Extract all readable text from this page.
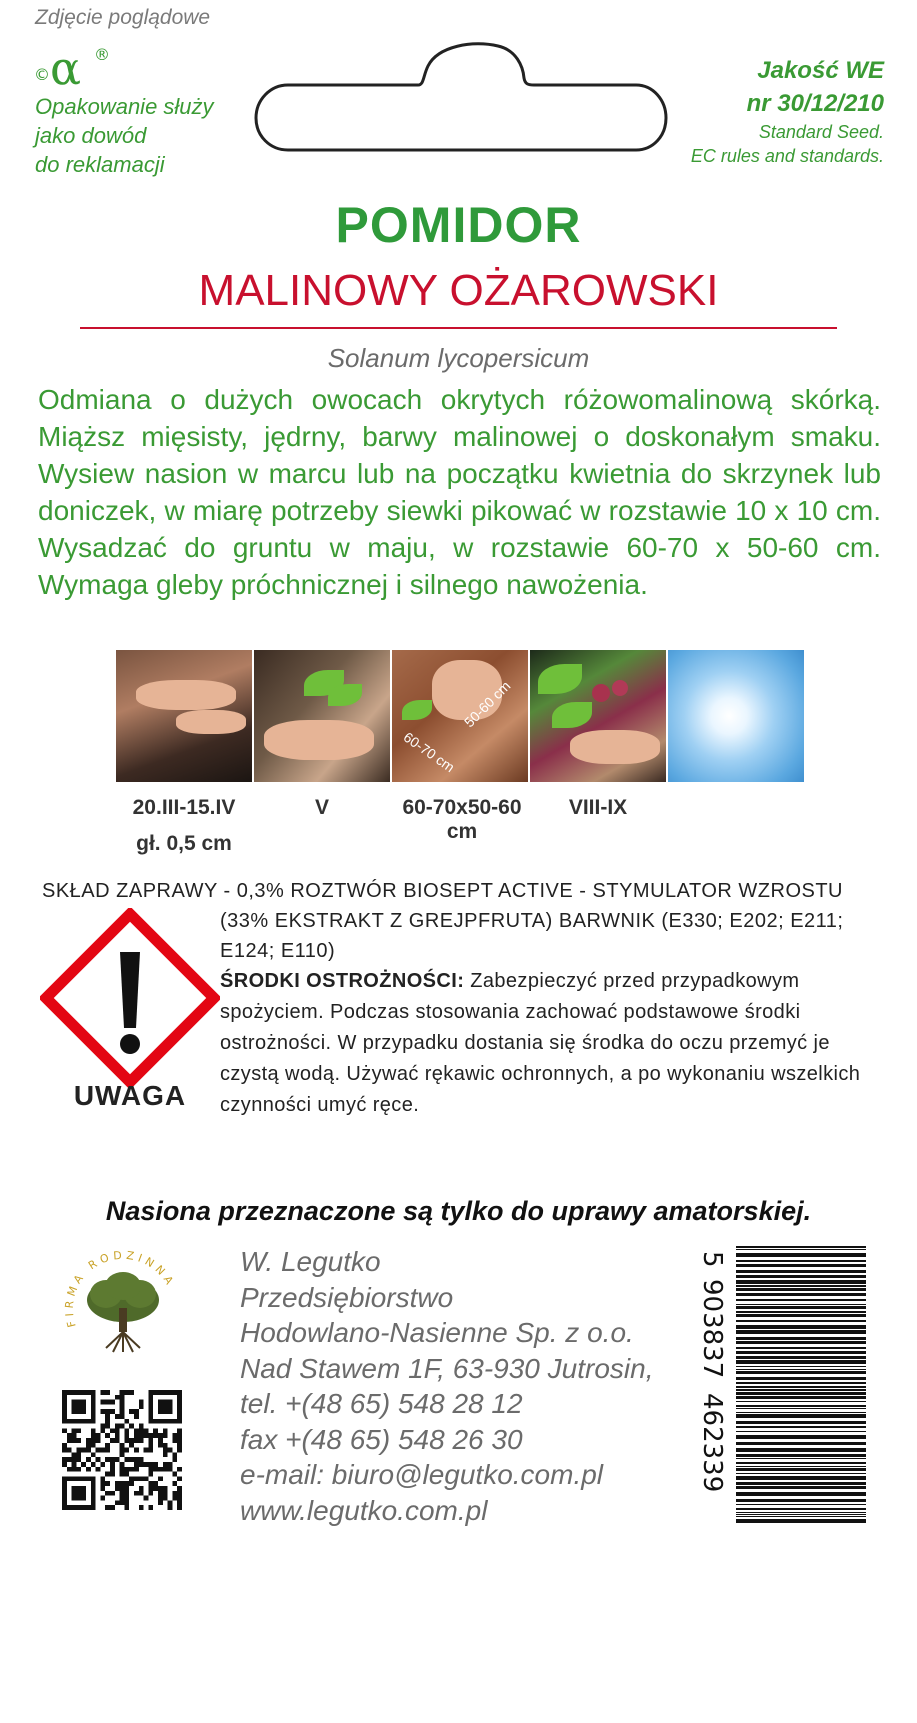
Zdjęcie poglądowe
© α ®
Opakowanie służy
jako dowód
do reklamacji
Jakość WE
nr 30/12/210
Standard Seed.
EC rules and standards.
POMIDOR
MALINOWY OŻAROWSKI
Solanum lycopersicum
Odmiana o dużych owocach okrytych różowomalinową skórką. Miąższ mięsisty, jędrny, barwy malinowej o doskonałym smaku. Wysiew nasion w marcu lub na początku kwietnia do skrzynek lub doniczek, w miarę potrzeby siewki pikować w rozstawie 10 x 10 cm. Wysadzać do gruntu w maju, w rozstawie 60-70 x 50-60 cm. Wymaga gleby próchnicznej i silnego nawożenia.
50-60 cm
60-70 cm
20.III-15.IV
gł. 0,5 cm
V	60-70x50-60 cm
VIII-IX
SKŁAD ZAPRAWY - 0,3% ROZTWÓR BIOSEPT ACTIVE - STYMULATOR WZROSTU
(33% EKSTRAKT Z GREJPFRUTA) BARWNIK (E330; E202; E211; E124; E110)
UWAGA
ŚRODKI OSTROŻNOŚCI: Zabezpieczyć przed przypadkowym spożyciem. Podczas stosowania zachować podstawowe środki ostrożności. W przypadku dostania się środka do oczu przemyć je czystą wodą. Używać rękawic ochronnych, a po wykonaniu wszelkich czynności umyć ręce.
Nasiona przeznaczone są tylko do uprawy amatorskiej.
FIRMA RODZINNA
W. Legutko
Przedsiębiorstwo
Hodowlano-Nasienne Sp. z o.o.
Nad Stawem 1F, 63-930 Jutrosin,
tel. +(48 65) 548 28 12
fax +(48 65) 548 26 30
e-mail: biuro@legutko.com.pl
www.legutko.com.pl
5
903837
462339
